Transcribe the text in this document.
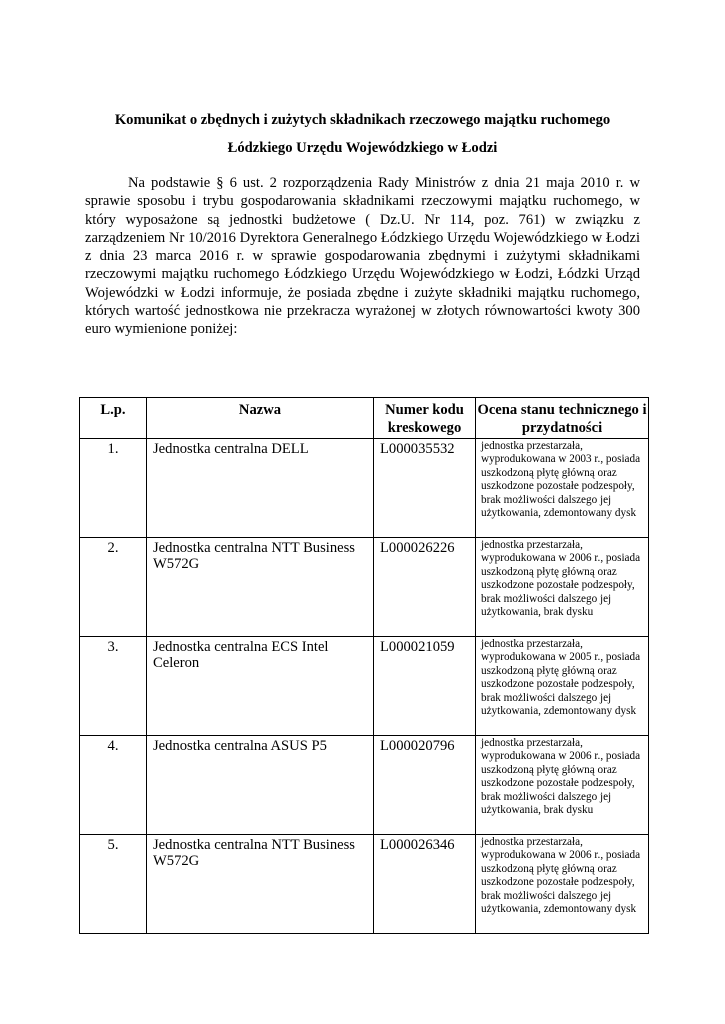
Komunikat o zbędnych i zużytych składnikach rzeczowego majątku ruchomego
Łódzkiego Urzędu Wojewódzkiego w Łodzi

Na podstawie § 6 ust. 2 rozporządzenia Rady Ministrów z dnia 21 maja 2010 r. w sprawie sposobu i trybu gospodarowania składnikami rzeczowymi majątku ruchomego, w który wyposażone są jednostki budżetowe ( Dz.U. Nr 114, poz. 761) w związku z zarządzeniem Nr 10/2016 Dyrektora Generalnego Łódzkiego Urzędu Wojewódzkiego w Łodzi z dnia 23 marca 2016 r. w sprawie gospodarowania zbędnymi i zużytymi składnikami rzeczowymi majątku ruchomego Łódzkiego Urzędu Wojewódzkiego w Łodzi, Łódzki Urząd Wojewódzki w Łodzi informuje, że posiada zbędne i zużyte składniki majątku ruchomego, których wartość jednostkowa nie przekracza wyrażonej w złotych równowartości kwoty 300 euro wymienione poniżej:

L.p.	Nazwa	Numer kodu kreskowego	Ocena stanu technicznego i przydatności
1.	Jednostka centralna DELL	L000035532	jednostka przestarzała, wyprodukowana w 2003 r., posiada uszkodzoną płytę główną oraz uszkodzone pozostałe podzespoły, brak możliwości dalszego jej użytkowania, zdemontowany dysk
2.	Jednostka centralna NTT Business W572G	L000026226	jednostka przestarzała, wyprodukowana w 2006 r., posiada uszkodzoną płytę główną oraz uszkodzone pozostałe podzespoły, brak możliwości dalszego jej użytkowania, brak dysku
3.	Jednostka centralna ECS Intel Celeron	L000021059	jednostka przestarzała, wyprodukowana w 2005 r., posiada uszkodzoną płytę główną oraz uszkodzone pozostałe podzespoły, brak możliwości dalszego jej użytkowania, zdemontowany dysk
4.	Jednostka centralna ASUS P5	L000020796	jednostka przestarzała, wyprodukowana w 2006 r., posiada uszkodzoną płytę główną oraz uszkodzone pozostałe podzespoły, brak możliwości dalszego jej użytkowania, brak dysku
5.	Jednostka centralna NTT Business W572G	L000026346	jednostka przestarzała, wyprodukowana w 2006 r., posiada uszkodzoną płytę główną oraz uszkodzone pozostałe podzespoły, brak możliwości dalszego jej użytkowania, zdemontowany dysk
